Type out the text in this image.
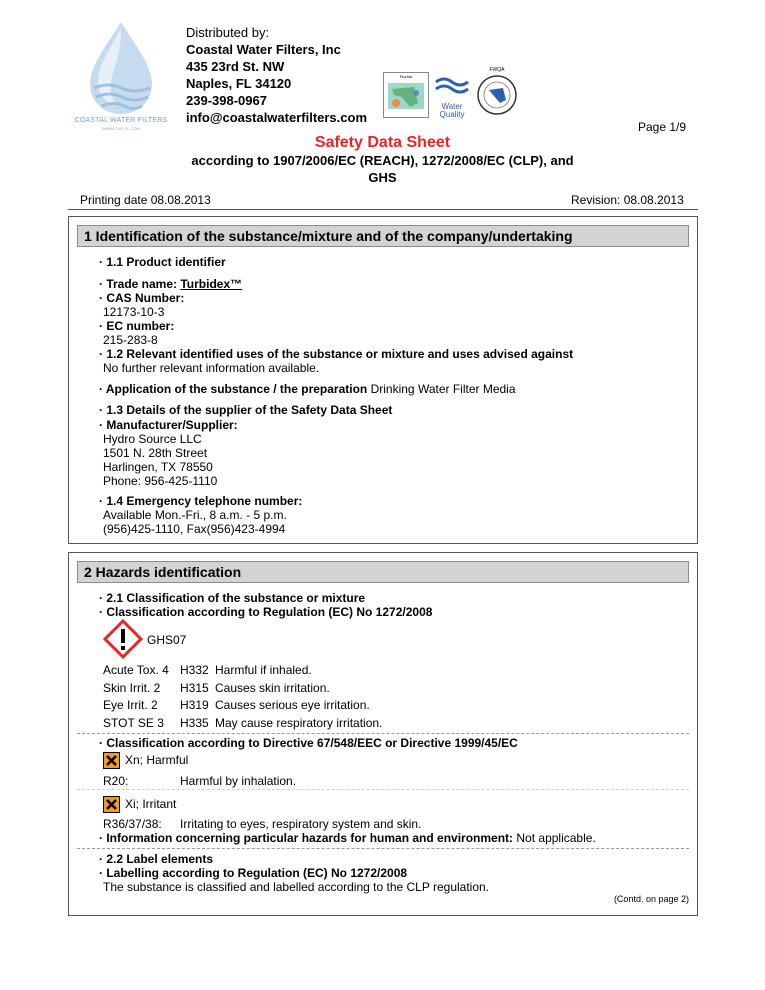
COASTAL WATER FILTERS
WWW.CWF-FL.COM
Distributed by:
Coastal Water Filters, Inc
435 23rd St. NW
Naples, FL 34120
239-398-0967
info@coastalwaterfilters.com
Florida
Water Quality
FWQA
Page 1/9
Safety Data Sheet
according to 1907/2006/EC (REACH), 1272/2008/EC (CLP), and
GHS
Printing date 08.08.2013	Revision: 08.08.2013
1 Identification of the substance/mixture and of the company/undertaking
· 1.1 Product identifier
· Trade name: Turbidex™
· CAS Number:
12173-10-3
· EC number:
215-283-8
· 1.2 Relevant identified uses of the substance or mixture and uses advised against
No further relevant information available.
· Application of the substance / the preparation Drinking Water Filter Media
· 1.3 Details of the supplier of the Safety Data Sheet
· Manufacturer/Supplier:
Hydro Source LLC
1501 N. 28th Street
Harlingen, TX 78550
Phone: 956-425-1110
· 1.4 Emergency telephone number:
Available Mon.-Fri., 8 a.m. - 5 p.m.
(956)425-1110, Fax(956)423-4994
2 Hazards identification
· 2.1 Classification of the substance or mixture
· Classification according to Regulation (EC) No 1272/2008
GHS07
Acute Tox. 4 H332 Harmful if inhaled.
Skin Irrit. 2 H315 Causes skin irritation.
Eye Irrit. 2 H319 Causes serious eye irritation.
STOT SE 3 H335 May cause respiratory irritation.
· Classification according to Directive 67/548/EEC or Directive 1999/45/EC
Xn; Harmful
R20:	Harmful by inhalation.
Xi; Irritant
R36/37/38: Irritating to eyes, respiratory system and skin.
· Information concerning particular hazards for human and environment: Not applicable.
· 2.2 Label elements
· Labelling according to Regulation (EC) No 1272/2008
The substance is classified and labelled according to the CLP regulation.
(Contd. on page 2)
